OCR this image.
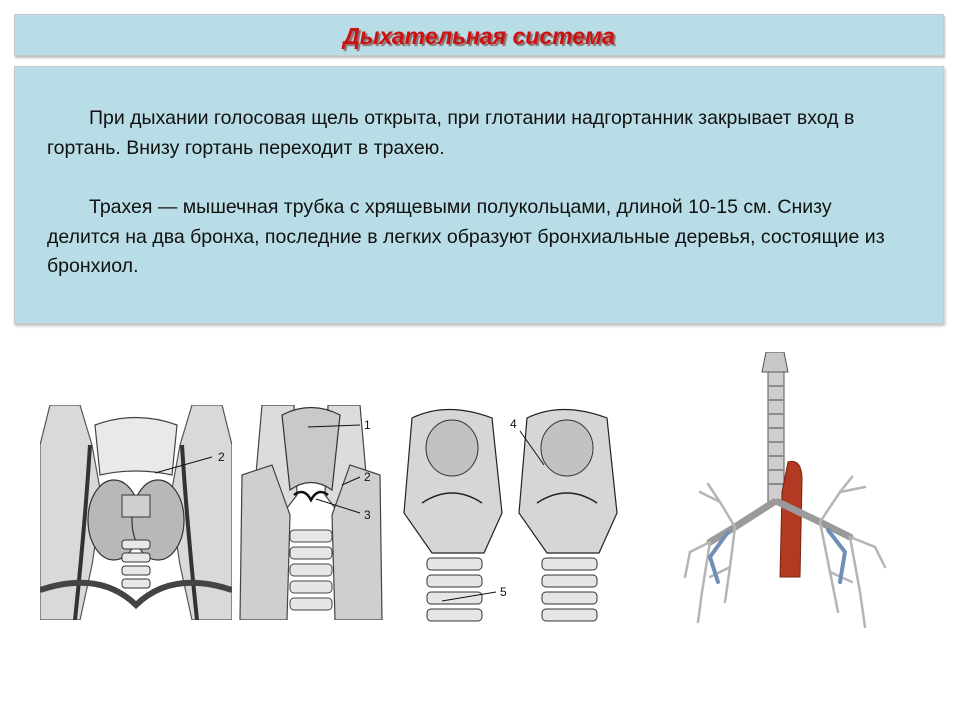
Дыхательная система

При дыхании голосовая щель открыта, при глотании надгортанник закрывает вход в гортань. Внизу гортань переходит в трахею.

Трахея — мышечная трубка с хрящевыми полукольцами, длиной 10-15 см. Снизу делится на два бронха, последние в легких образуют бронхиальные деревья, состоящие из бронхиол.

2
1
2
3
4
5
